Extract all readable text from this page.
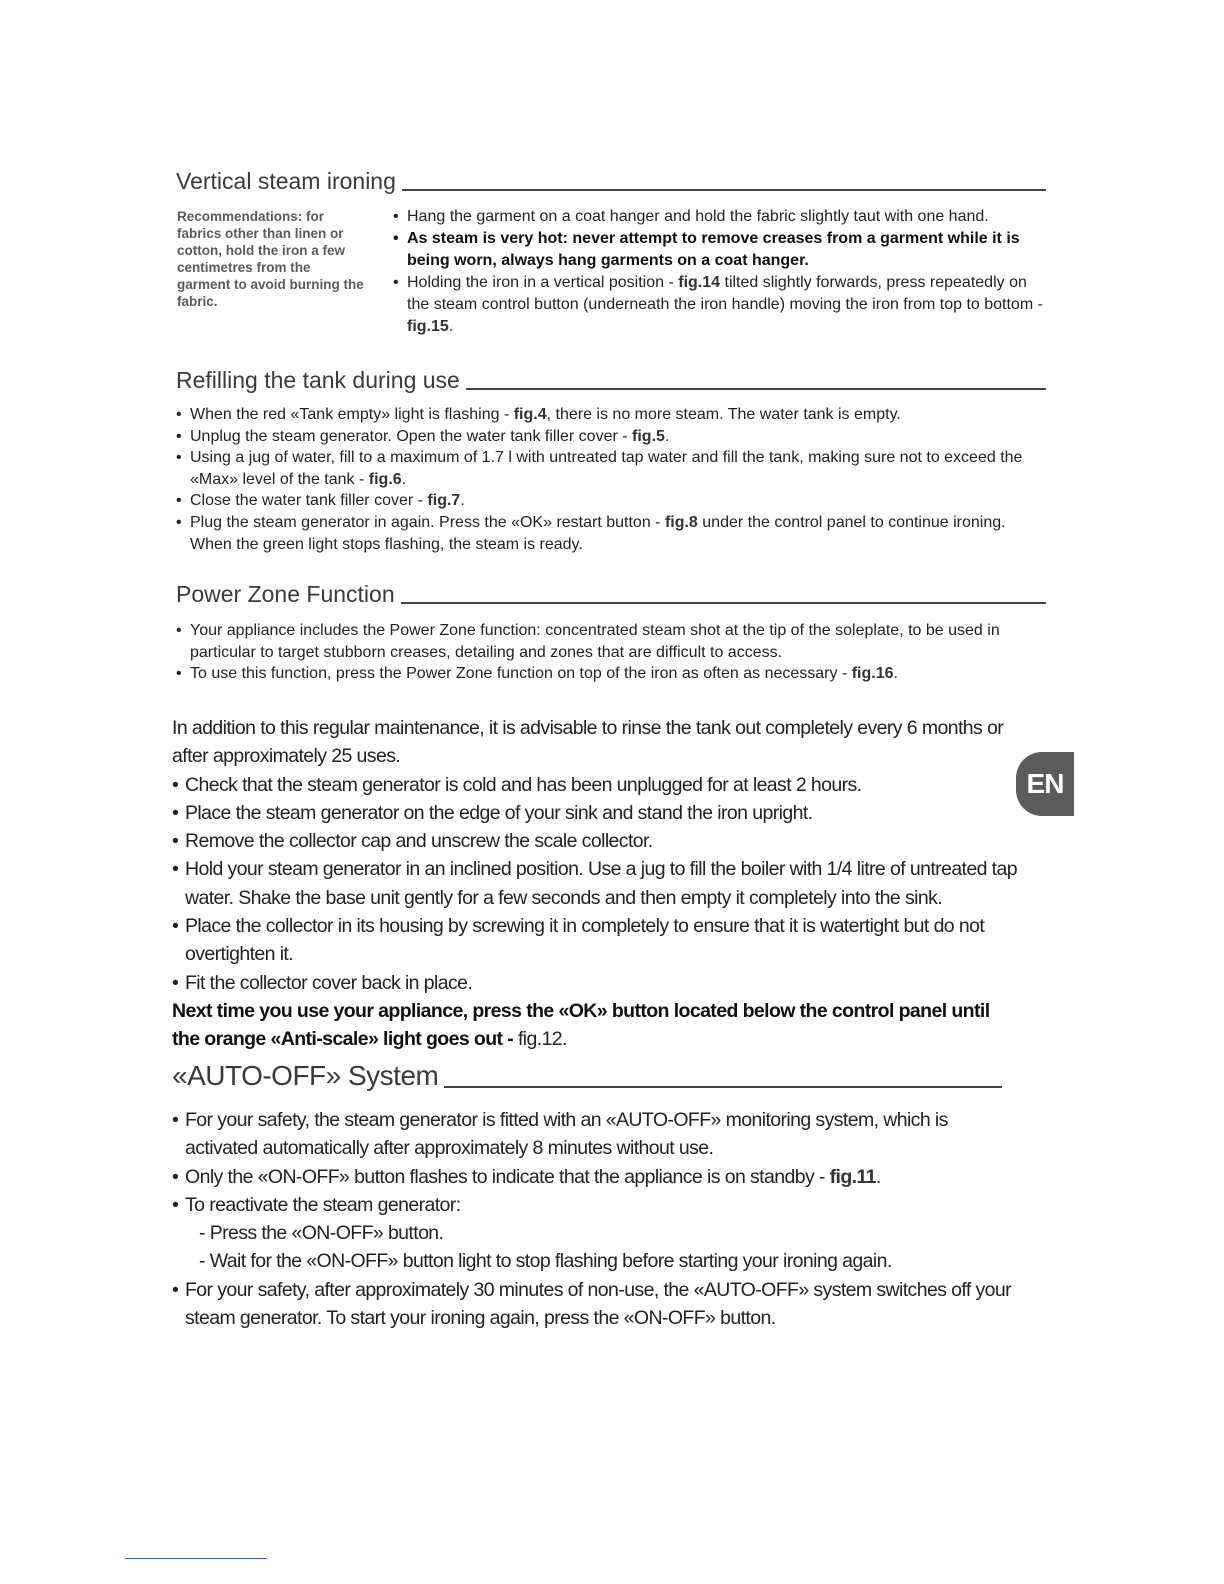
Vertical steam ironing
Recommendations: for fabrics other than linen or cotton, hold the iron a few centimetres from the garment to avoid burning the fabric.
• Hang the garment on a coat hanger and hold the fabric slightly taut with one hand.
• As steam is very hot: never attempt to remove creases from a garment while it is being worn, always hang garments on a coat hanger.
• Holding the iron in a vertical position - fig.14 tilted slightly forwards, press repeatedly on the steam control button (underneath the iron handle) moving the iron from top to bottom - fig.15.
Refilling the tank during use
• When the red «Tank empty» light is flashing - fig.4, there is no more steam. The water tank is empty.
• Unplug the steam generator. Open the water tank filler cover - fig.5.
• Using a jug of water, fill to a maximum of 1.7 l with untreated tap water and fill the tank, making sure not to exceed the «Max» level of the tank - fig.6.
• Close the water tank filler cover - fig.7.
• Plug the steam generator in again. Press the «OK» restart button - fig.8 under the control panel to continue ironing. When the green light stops flashing, the steam is ready.
Power Zone Function
• Your appliance includes the Power Zone function: concentrated steam shot at the tip of the soleplate, to be used in particular to target stubborn creases, detailing and zones that are difficult to access.
• To use this function, press the Power Zone function on top of the iron as often as necessary - fig.16.

In addition to this regular maintenance, it is advisable to rinse the tank out completely every 6 months or after approximately 25 uses.

• Check that the steam generator is cold and has been unplugged for at least 2 hours.
• Place the steam generator on the edge of your sink and stand the iron upright.
• Remove the collector cap and unscrew the scale collector.
• Hold your steam generator in an inclined position. Use a jug to fill the boiler with 1/4 litre of untreated tap water. Shake the base unit gently for a few seconds and then empty it completely into the sink.
• Place the collector in its housing by screwing it in completely to ensure that it is watertight but do not overtighten it.
• Fit the collector cover back in place.

Next time you use your appliance, press the «OK» button located below the control panel until the orange «Anti-scale» light goes out - fig.12.

«AUTO-OFF» System
• For your safety, the steam generator is fitted with an «AUTO-OFF» monitoring system, which is activated automatically after approximately 8 minutes without use.
• Only the «ON-OFF» button flashes to indicate that the appliance is on standby - fig.11.
• To reactivate the steam generator:
- Press the «ON-OFF» button.
- Wait for the «ON-OFF» button light to stop flashing before starting your ironing again.
• For your safety, after approximately 30 minutes of non-use, the «AUTO-OFF» system switches off your steam generator. To start your ironing again, press the «ON-OFF» button.
EN
